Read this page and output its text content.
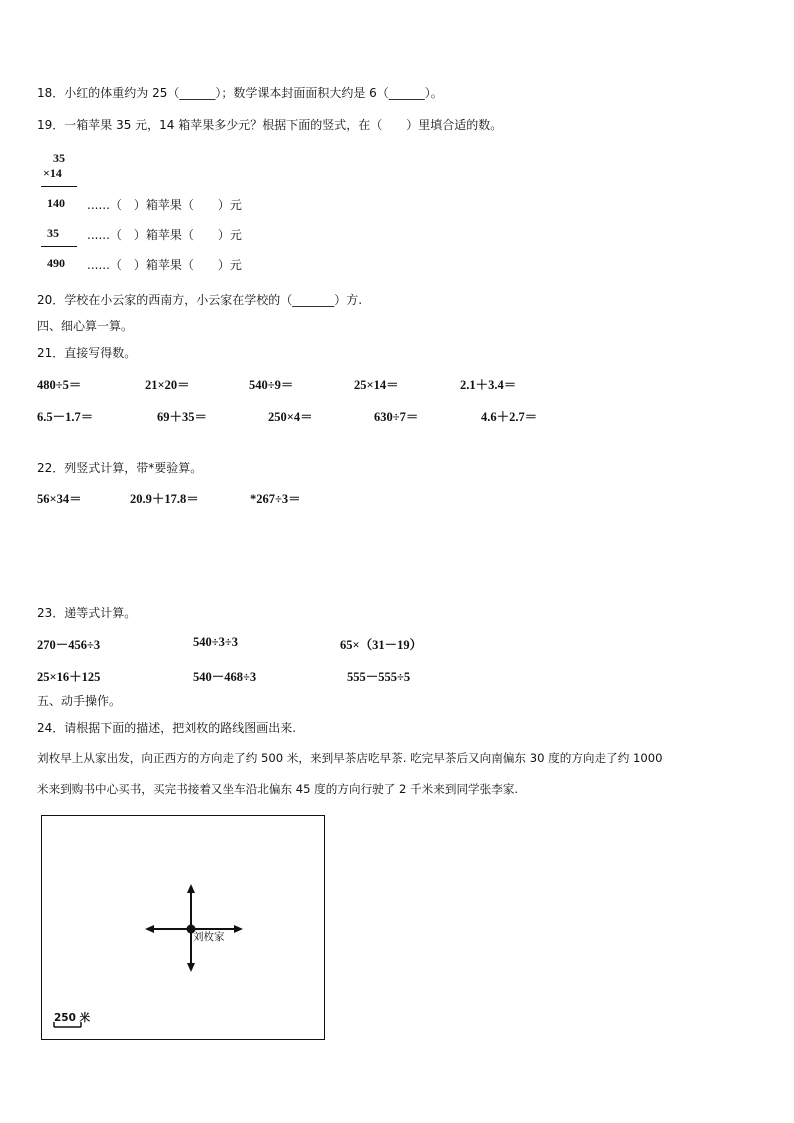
18．小红的体重约为 25（______）；数学课本封面面积大约是 6（______）。
19．一箱苹果 35 元，14 箱苹果多少元？根据下面的竖式，在（　　）里填合适的数。
35
×14
140 ......（　）箱苹果（　　）元
35 ......（　）箱苹果（　　）元
490 ......（　）箱苹果（　　）元
20．学校在小云家的西南方，小云家在学校的（_______）方.
四、细心算一算。
21．直接写得数。
480÷5＝	21×20＝	540÷9＝	25×14＝	2.1＋3.4＝
6.5－1.7＝	69＋35＝	250×4＝	630÷7＝	4.6＋2.7＝
22．列竖式计算，带*要验算。
56×34＝	20.9＋17.8＝	*267÷3＝
23．递等式计算。
270－456÷3	540÷3÷3	65×（31－19）
25×16＋125	540－468÷3	555－555÷5
五、动手操作。
24．请根据下面的描述，把刘枚的路线图画出来.
刘枚早上从家出发，向正西方的方向走了约 500 米，来到早茶店吃早茶. 吃完早茶后又向南偏东 30 度的方向走了约 1000
米来到购书中心买书，买完书接着又坐车沿北偏东 45 度的方向行驶了 2 千米来到同学张李家.
刘枚家
250 米
